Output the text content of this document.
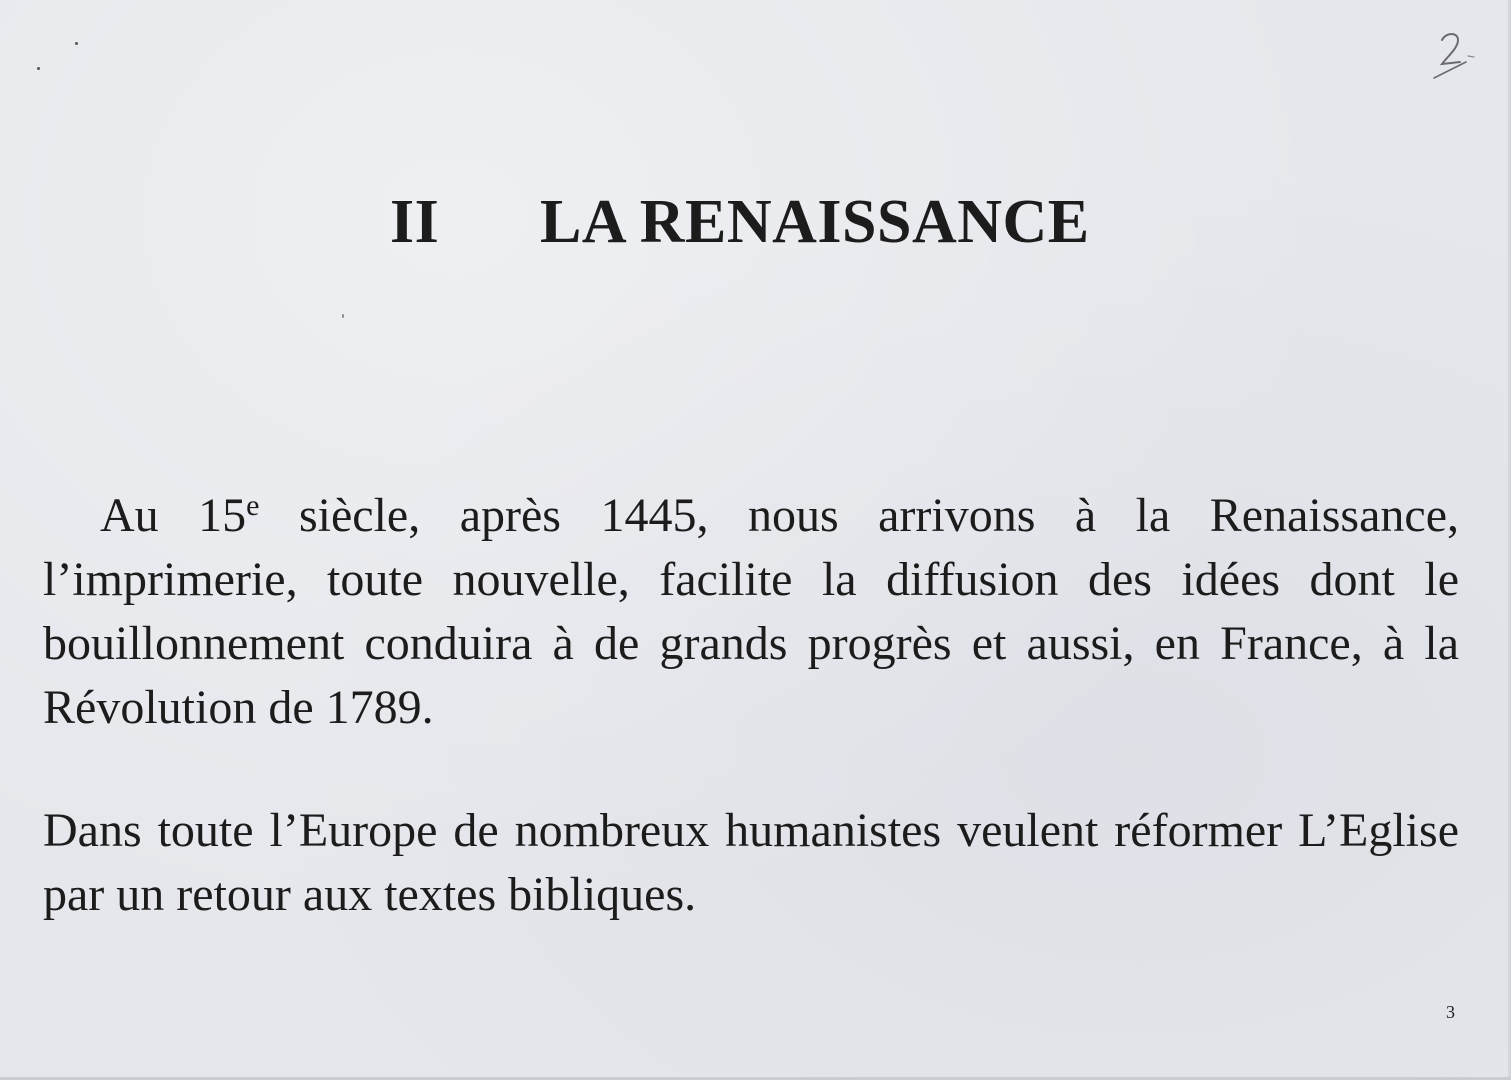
II LA RENAISSANCE

Au 15e siècle, après 1445, nous arrivons à la Renaissance, l’imprimerie, toute nouvelle, facilite la diffusion des idées dont le bouillonnement conduira à de grands progrès et aussi, en France, à la Révolution de 1789.

Dans toute l’Europe de nombreux humanistes veulent réformer L’Eglise par un retour aux textes bibliques.

3
